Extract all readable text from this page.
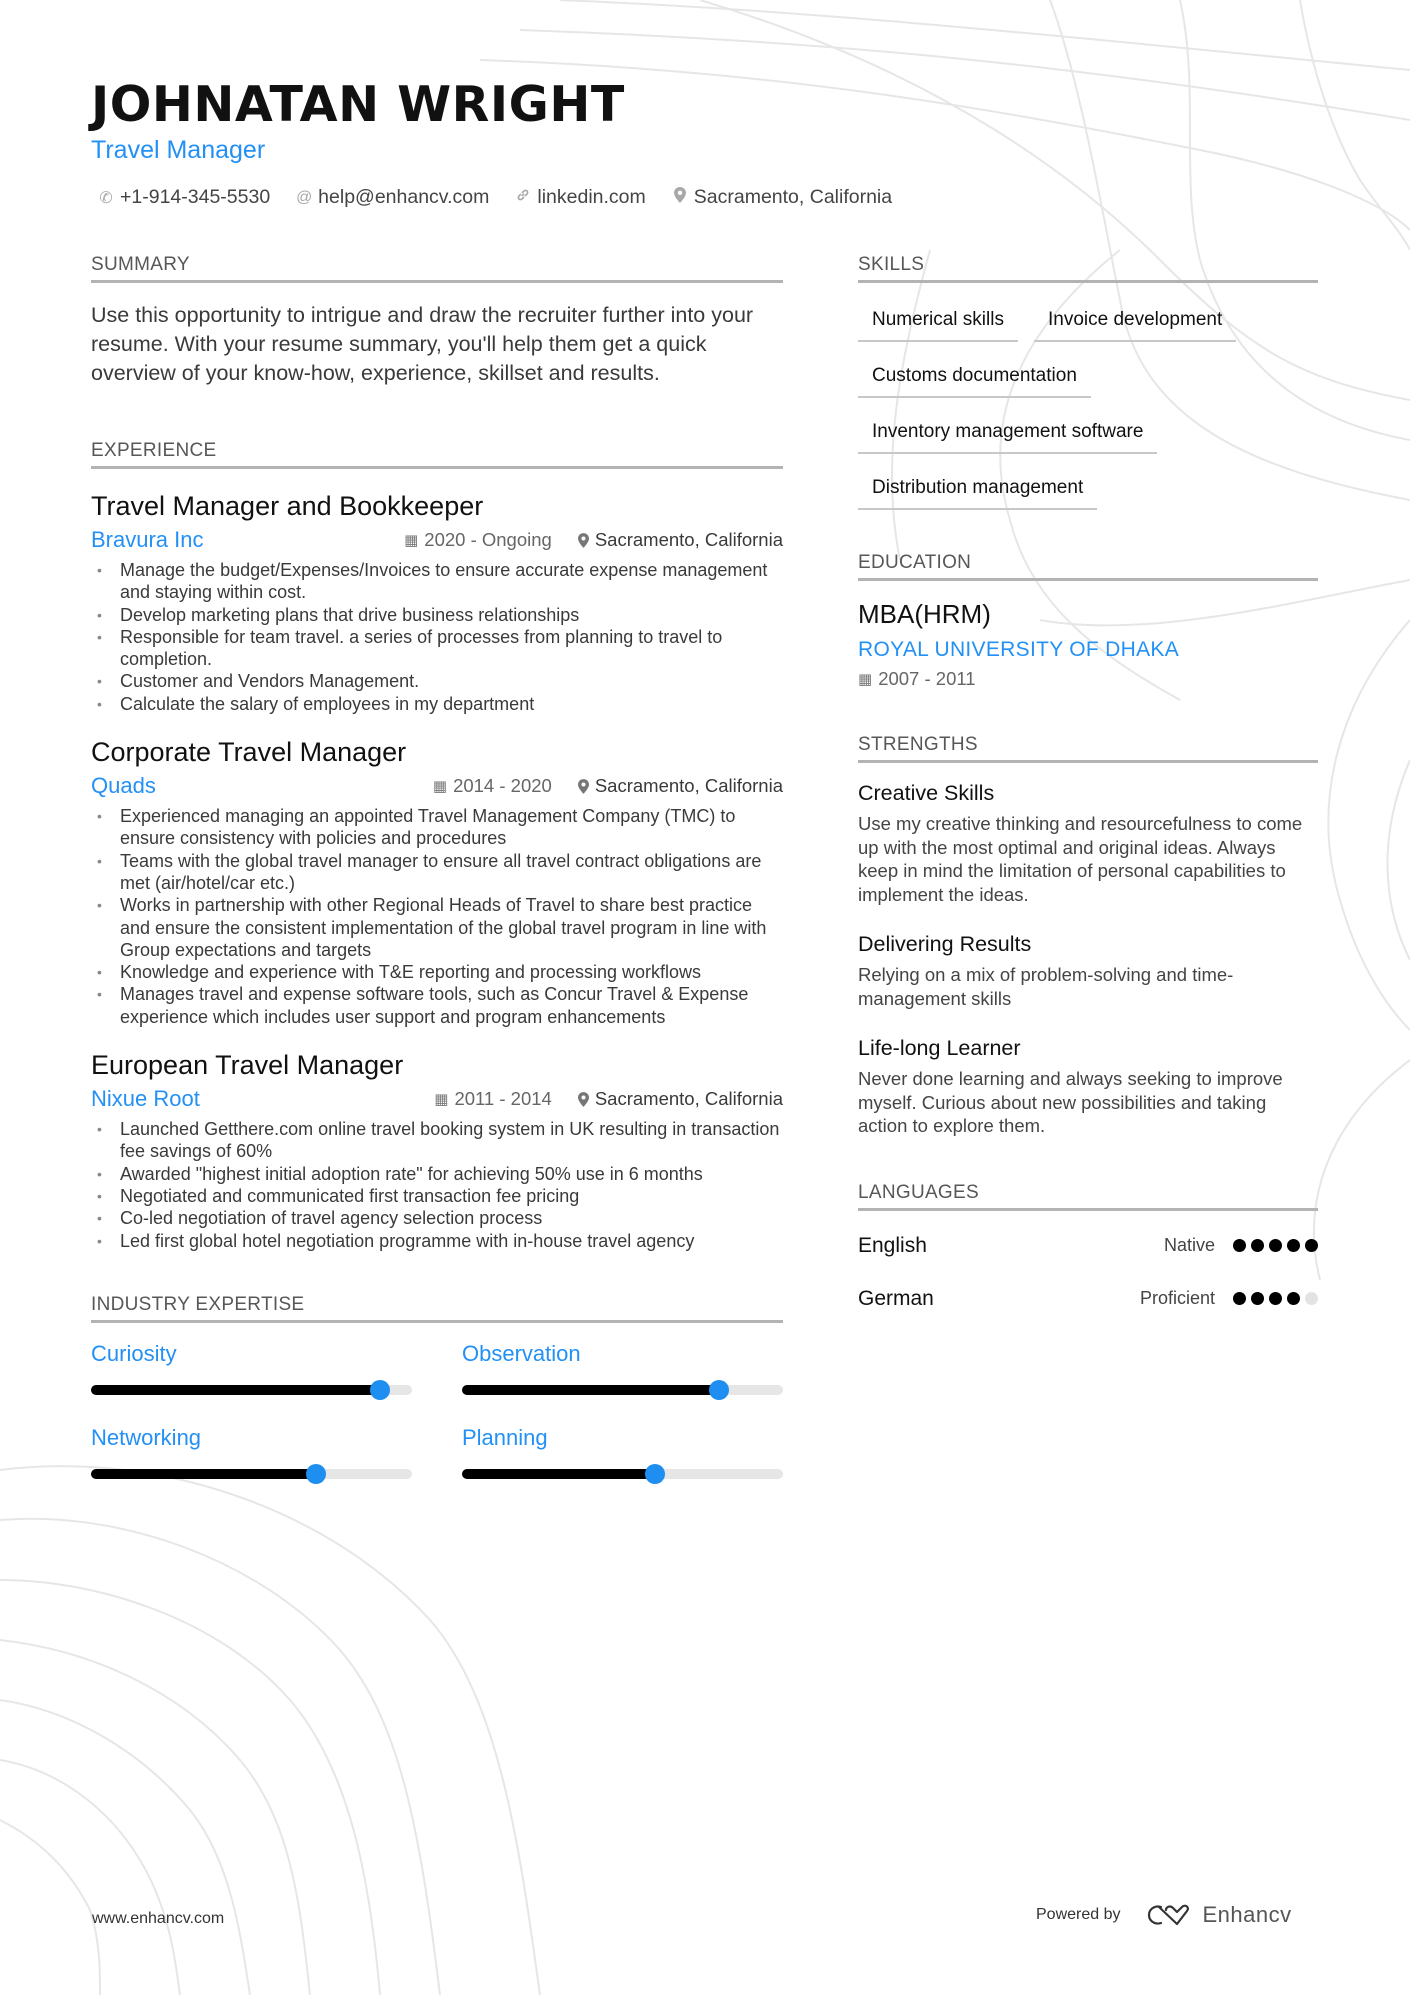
JOHNATAN WRIGHT
Travel Manager
✆ +1-914-345-5530 @ help@enhancv.com linkedin.com Sacramento, California
SUMMARY

Use this opportunity to intrigue and draw the recruiter further into your resume. With your resume summary, you'll help them get a quick overview of your know-how, experience, skillset and results.

EXPERIENCE
Travel Manager and Bookkeeper
Bravura Inc	▦ 2020 - Ongoing Sacramento, California
• Manage the budget/Expenses/Invoices to ensure accurate expense management and staying within cost.
• Develop marketing plans that drive business relationships
• Responsible for team travel. a series of processes from planning to travel to completion.
• Customer and Vendors Management.
• Calculate the salary of employees in my department
Corporate Travel Manager
Quads	▦ 2014 - 2020 Sacramento, California
• Experienced managing an appointed Travel Management Company (TMC) to ensure consistency with policies and procedures
• Teams with the global travel manager to ensure all travel contract obligations are met (air/hotel/car etc.)
• Works in partnership with other Regional Heads of Travel to share best practice and ensure the consistent implementation of the global travel program in line with Group expectations and targets
• Knowledge and experience with T&E reporting and processing workflows
• Manages travel and expense software tools, such as Concur Travel & Expense experience which includes user support and program enhancements
European Travel Manager
Nixue Root	▦ 2011 - 2014 Sacramento, California
• Launched Getthere.com online travel booking system in UK resulting in transaction fee savings of 60%
• Awarded "highest initial adoption rate" for achieving 50% use in 6 months
• Negotiated and communicated first transaction fee pricing
• Co-led negotiation of travel agency selection process
• Led first global hotel negotiation programme with in-house travel agency
INDUSTRY EXPERTISE
Curiosity	Observation
Networking	Planning
SKILLS
Numerical skills	Invoice development
Customs documentation
Inventory management software
Distribution management
EDUCATION
MBA(HRM)
ROYAL UNIVERSITY OF DHAKA
▦ 2007 - 2011
STRENGTHS
Creative Skills
Use my creative thinking and resourcefulness to come up with the most optimal and original ideas. Always keep in mind the limitation of personal capabilities to implement the ideas.
Delivering Results
Relying on a mix of problem-solving and time-management skills
Life-long Learner
Never done learning and always seeking to improve myself. Curious about new possibilities and taking action to explore them.
LANGUAGES
English	Native
German	Proficient
www.enhancv.com	Powered by	Enhancv
